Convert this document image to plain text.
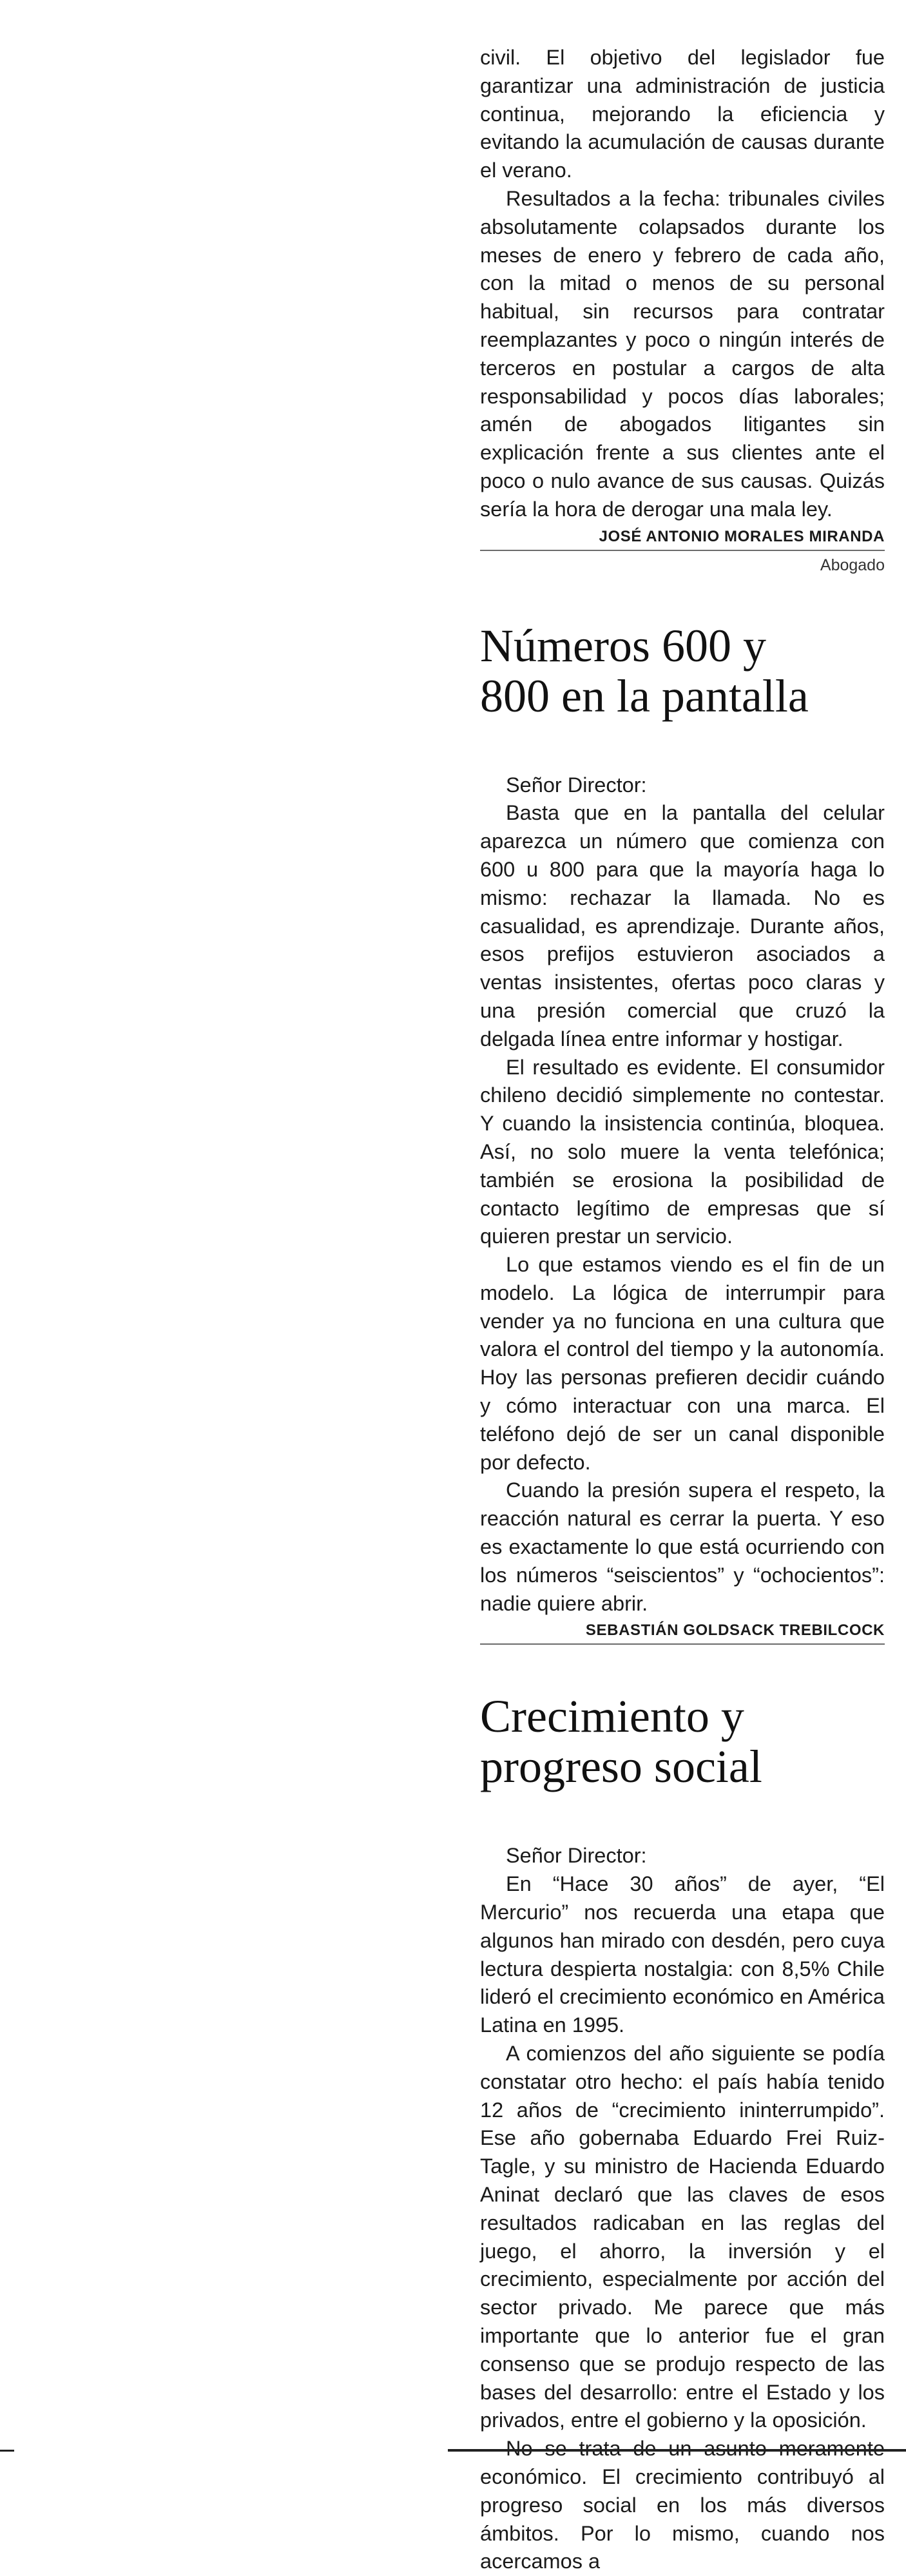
civil. El objetivo del legislador fue garantizar una administración de justicia continua, mejorando la eficiencia y evitando la acumulación de causas durante el verano.

Resultados a la fecha: tribunales civiles absolutamente colapsados durante los meses de enero y febrero de cada año, con la mitad o menos de su personal habitual, sin recursos para contratar reemplazantes y poco o ningún interés de terceros en postular a cargos de alta responsabilidad y pocos días laborales; amén de abogados litigantes sin explicación frente a sus clientes ante el poco o nulo avance de sus causas. Quizás sería la hora de derogar una mala ley.

JOSÉ ANTONIO MORALES MIRANDA
Abogado
Números 600 y
800 en la pantalla

Señor Director:

Basta que en la pantalla del celular aparezca un número que comienza con 600 u 800 para que la mayoría haga lo mismo: rechazar la llamada. No es casualidad, es aprendizaje. Durante años, esos prefijos estuvieron asociados a ventas insistentes, ofertas poco claras y una presión comercial que cruzó la delgada línea entre informar y hostigar.

El resultado es evidente. El consumidor chileno decidió simplemente no contestar. Y cuando la insistencia continúa, bloquea. Así, no solo muere la venta telefónica; también se erosiona la posibilidad de contacto legítimo de empresas que sí quieren prestar un servicio.

Lo que estamos viendo es el fin de un modelo. La lógica de interrumpir para vender ya no funciona en una cultura que valora el control del tiempo y la autonomía. Hoy las personas prefieren decidir cuándo y cómo interactuar con una marca. El teléfono dejó de ser un canal disponible por defecto.

Cuando la presión supera el respeto, la reacción natural es cerrar la puerta. Y eso es exactamente lo que está ocurriendo con los números “seiscientos” y “ochocientos”: nadie quiere abrir.

SEBASTIÁN GOLDSACK TREBILCOCK
Crecimiento y
progreso social

Señor Director:

En “Hace 30 años” de ayer, “El Mercurio” nos recuerda una etapa que algunos han mirado con desdén, pero cuya lectura despierta nostalgia: con 8,5% Chile lideró el crecimiento económico en América Latina en 1995.

A comienzos del año siguiente se podía constatar otro hecho: el país había tenido 12 años de “crecimiento ininterrumpido”. Ese año gobernaba Eduardo Frei Ruiz-Tagle, y su ministro de Hacienda Eduardo Aninat declaró que las claves de esos resultados radicaban en las reglas del juego, el ahorro, la inversión y el crecimiento, especialmente por acción del sector privado. Me parece que más importante que lo anterior fue el gran consenso que se produjo respecto de las bases del desarrollo: entre el Estado y los privados, entre el gobierno y la oposición.

económico. El crecimiento contribuyó al progreso social en los más diversos ámbitos. Por lo mismo, cuando nos acercamos a
